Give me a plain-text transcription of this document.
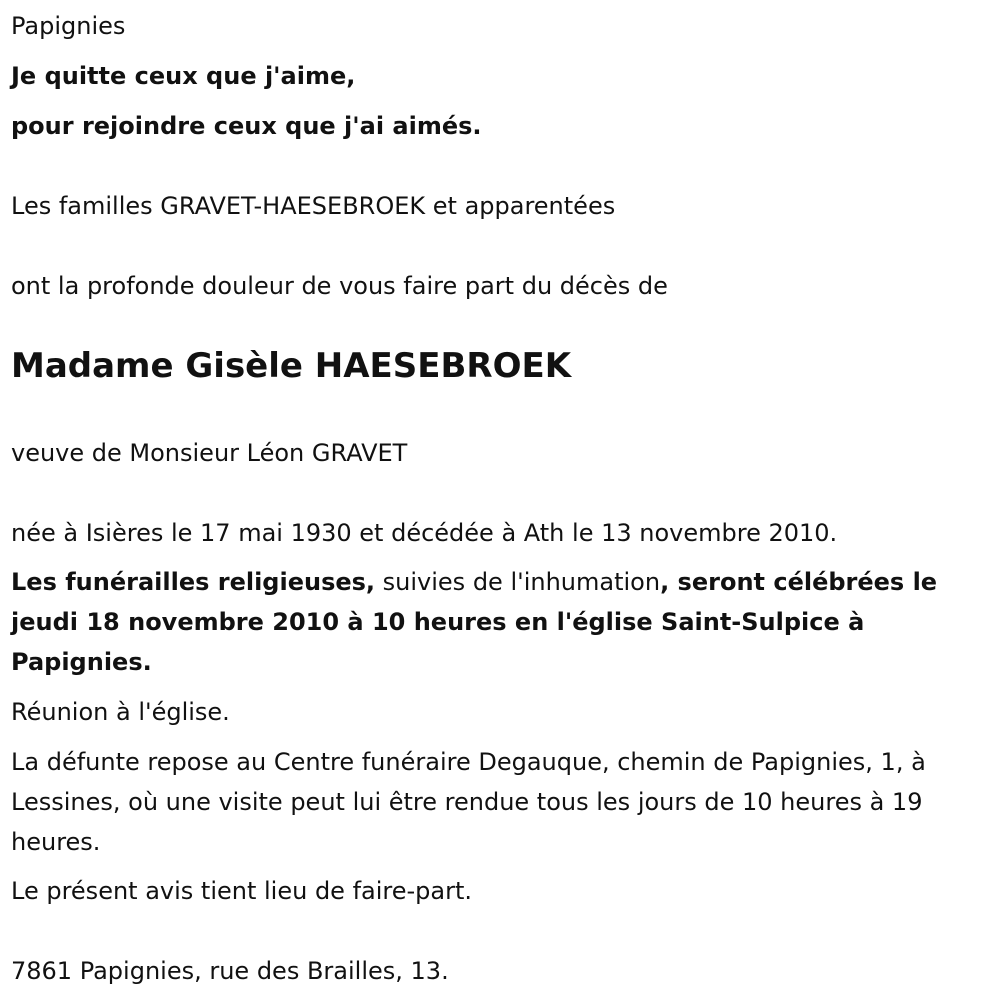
Papignies

Je quitte ceux que j'aime,

pour rejoindre ceux que j'ai aimés.

Les familles GRAVET-HAESEBROEK et apparentées

ont la profonde douleur de vous faire part du décès de

Madame Gisèle HAESEBROEK

veuve de Monsieur Léon GRAVET

née à Isières le 17 mai 1930 et décédée à Ath le 13 novembre 2010.

Les funérailles religieuses, suivies de l'inhumation, seront célébrées le jeudi 18 novembre 2010 à 10 heures en l'église Saint-Sulpice à Papignies.

Réunion à l'église.

La défunte repose au Centre funéraire Degauque, chemin de Papignies, 1, à Lessines, où une visite peut lui être rendue tous les jours de 10 heures à 19 heures.

Le présent avis tient lieu de faire-part.

7861 Papignies, rue des Brailles, 13.
